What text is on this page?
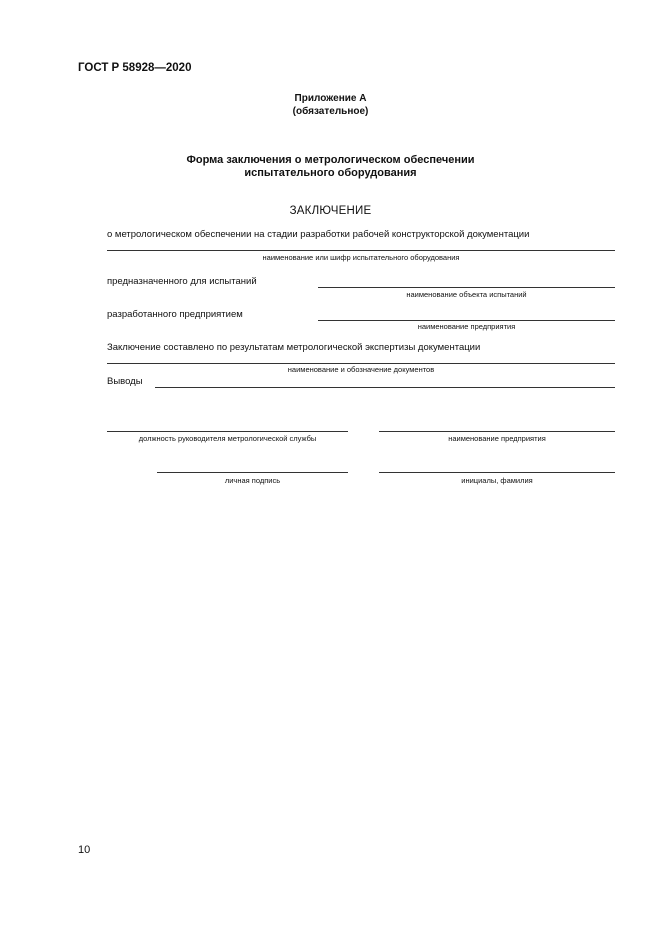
ГОСТ Р 58928—2020
Приложение А
(обязательное)
Форма заключения о метрологическом обеспечении
испытательного оборудования
ЗАКЛЮЧЕНИЕ
о метрологическом обеспечении на стадии разработки рабочей конструкторской документации
наименование или шифр испытательного оборудования
предназначенного для испытаний
наименование объекта испытаний
разработанного предприятием
наименование предприятия
Заключение составлено по результатам метрологической экспертизы документации
наименование и обозначение документов
Выводы
должность руководителя метрологической службы	наименование предприятия
личная подпись	инициалы, фамилия
10
